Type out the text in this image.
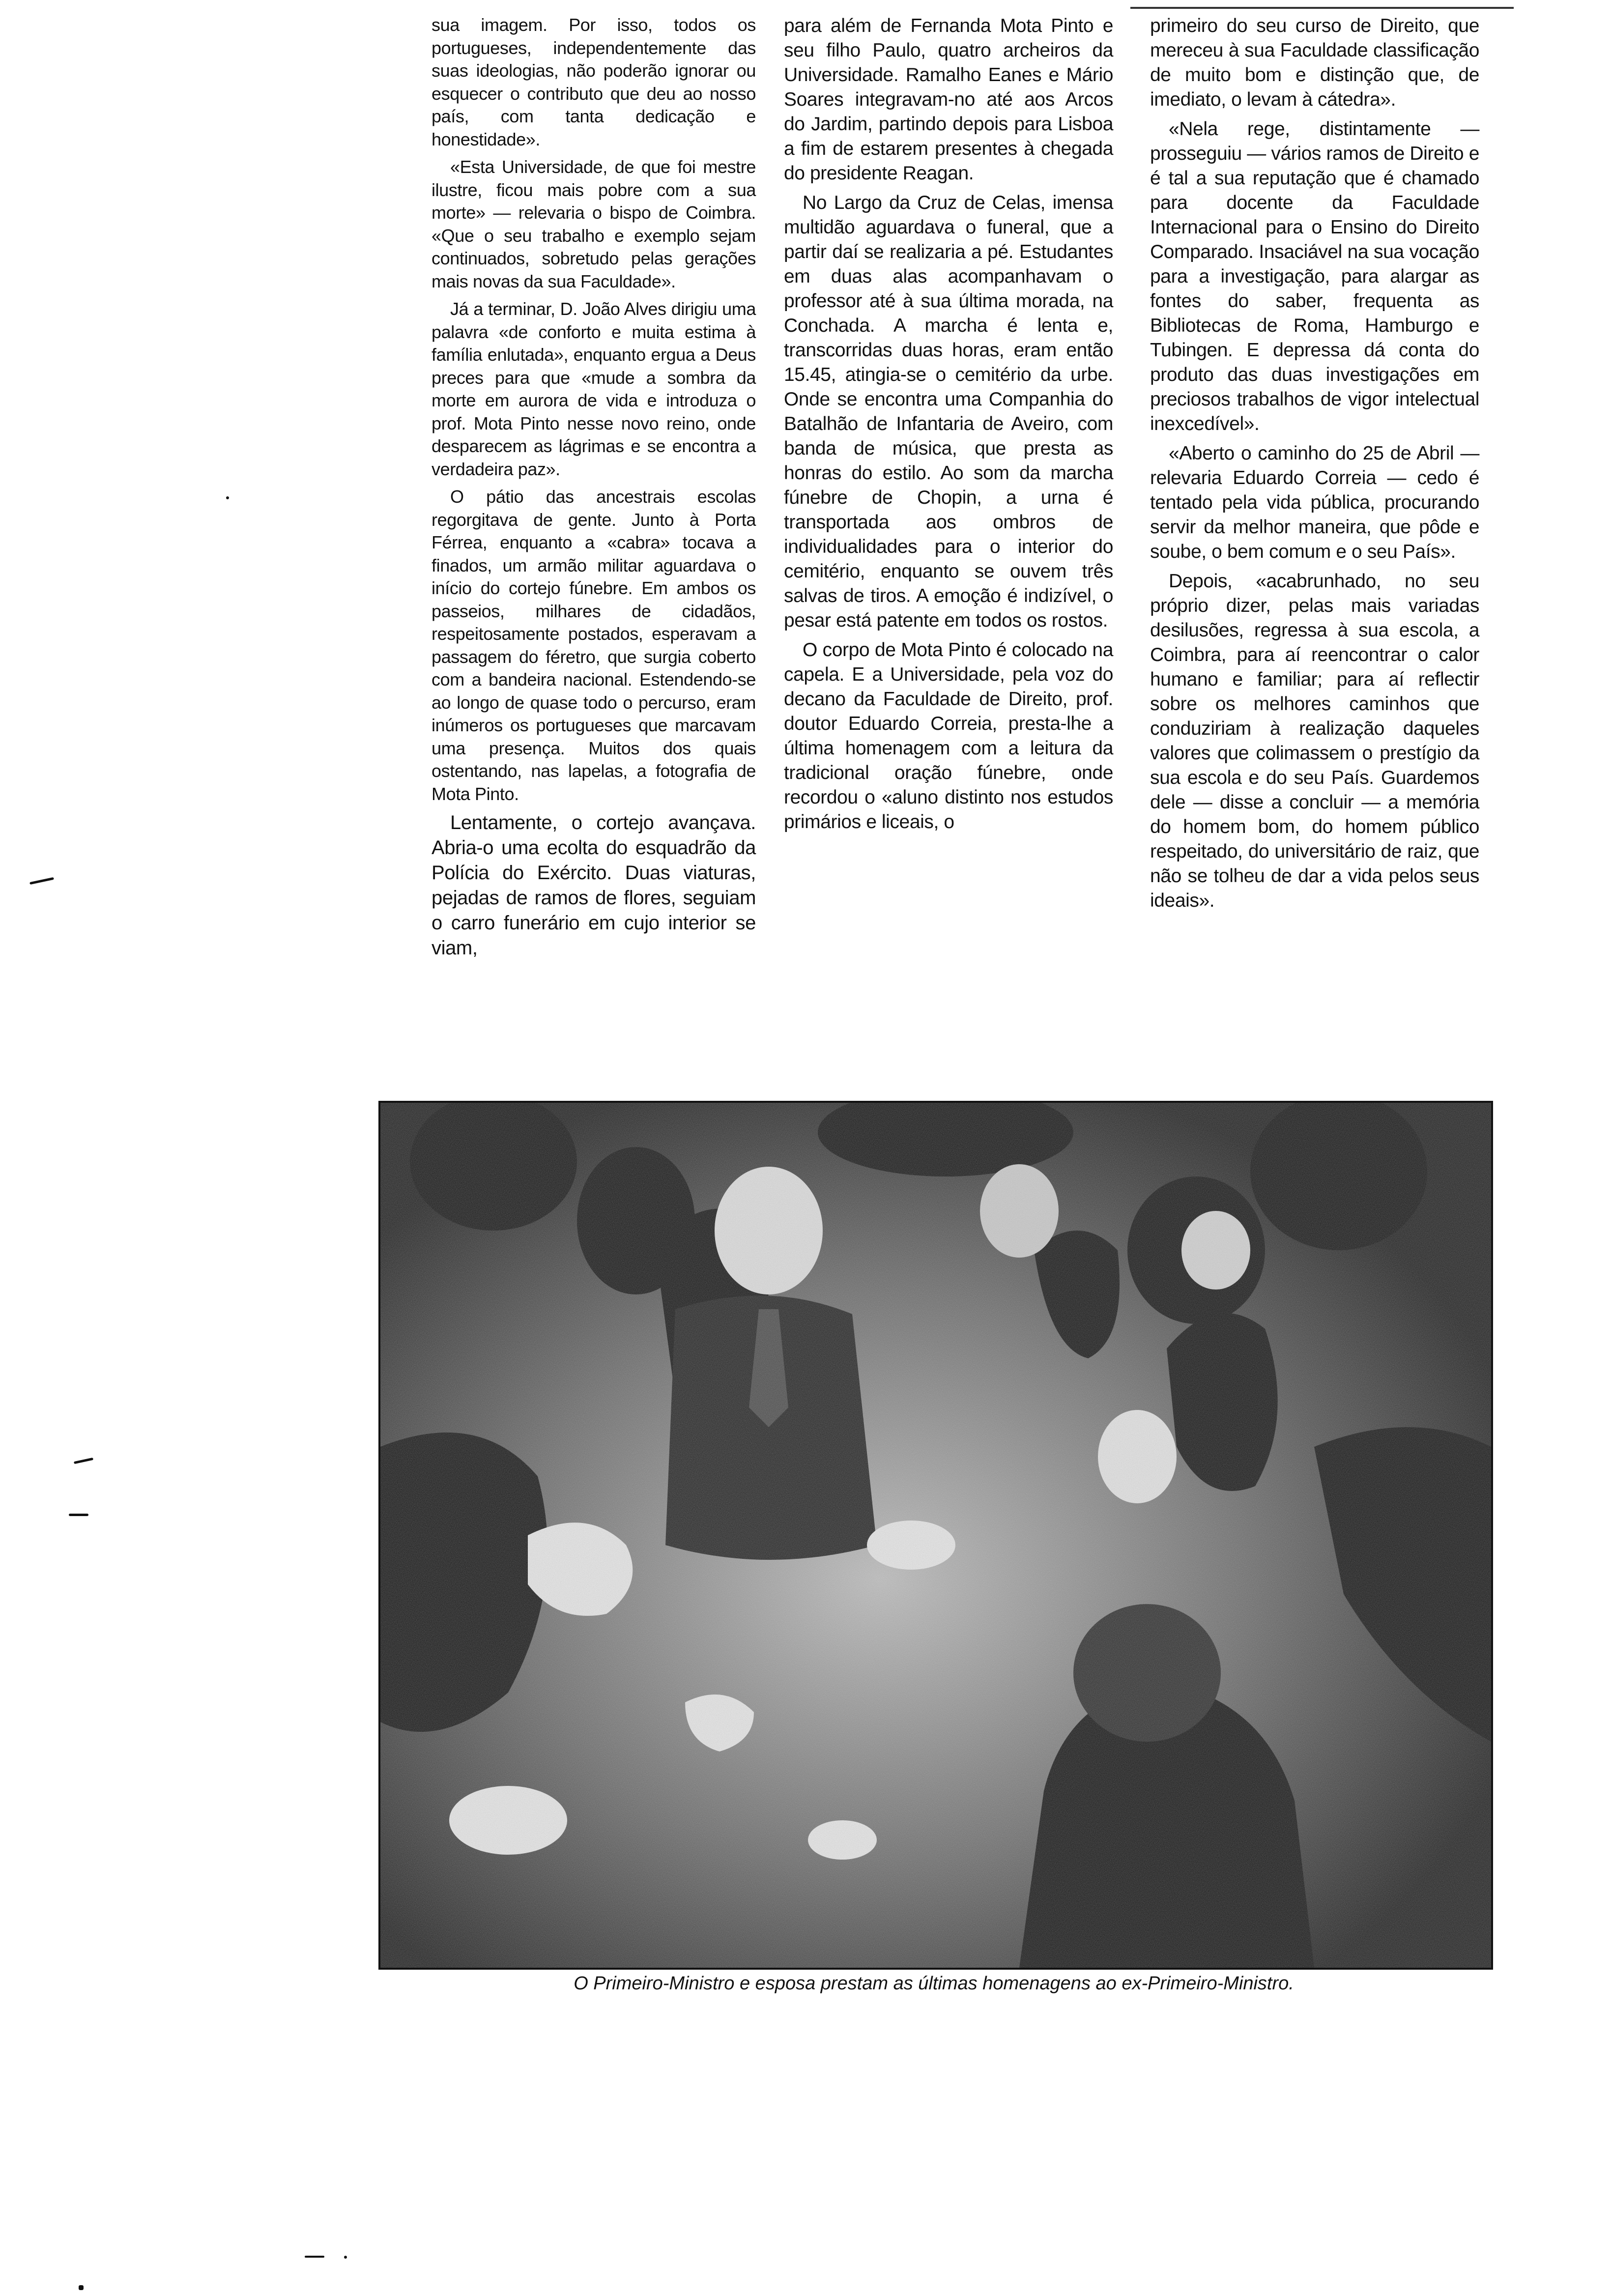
sua imagem. Por isso, todos os portugueses, independentemente das suas ideologias, não poderão ignorar ou esquecer o contributo que deu ao nosso país, com tanta dedicação e honestidade».

«Esta Universidade, de que foi mestre ilustre, ficou mais pobre com a sua morte» — relevaria o bispo de Coimbra. «Que o seu trabalho e exemplo sejam continuados, sobretudo pelas gerações mais novas da sua Faculdade».

Já a terminar, D. João Alves dirigiu uma palavra «de conforto e muita estima à família enlutada», enquanto ergua a Deus preces para que «mude a sombra da morte em aurora de vida e introduza o prof. Mota Pinto nesse novo reino, onde desparecem as lágrimas e se encontra a verdadeira paz».

O pátio das ancestrais escolas regorgitava de gente. Junto à Porta Férrea, enquanto a «cabra» tocava a finados, um armão militar aguardava o início do cortejo fúnebre. Em ambos os passeios, milhares de cidadãos, respeitosamente postados, esperavam a passagem do féretro, que surgia coberto com a bandeira nacional. Estendendo-se ao longo de quase todo o percurso, eram inúmeros os portugueses que marcavam uma presença. Muitos dos quais ostentando, nas lapelas, a fotografia de Mota Pinto.

Lentamente, o cortejo avançava. Abria-o uma ecolta do esquadrão da Polícia do Exército. Duas viaturas, pejadas de ramos de flores, seguiam o carro funerário em cujo interior se viam,

para além de Fernanda Mota Pinto e seu filho Paulo, quatro archeiros da Universidade. Ramalho Eanes e Mário Soares integravam-no até aos Arcos do Jardim, partindo depois para Lisboa a fim de estarem presentes à chegada do presidente Reagan.

No Largo da Cruz de Celas, imensa multidão aguardava o funeral, que a partir daí se realizaria a pé. Estudantes em duas alas acompanhavam o professor até à sua última morada, na Conchada. A marcha é lenta e, transcorridas duas horas, eram então 15.45, atingia-se o cemitério da urbe. Onde se encontra uma Companhia do Batalhão de Infantaria de Aveiro, com banda de música, que presta as honras do estilo. Ao som da marcha fúnebre de Chopin, a urna é transportada aos ombros de individualidades para o interior do cemitério, enquanto se ouvem três salvas de tiros. A emoção é indizível, o pesar está patente em todos os rostos.

O corpo de Mota Pinto é colocado na capela. E a Universidade, pela voz do decano da Faculdade de Direito, prof. doutor Eduardo Correia, presta-lhe a última homenagem com a leitura da tradicional oração fúnebre, onde recordou o «aluno distinto nos estudos primários e liceais, o

primeiro do seu curso de Direito, que mereceu à sua Faculdade classificação de muito bom e distinção que, de imediato, o levam à cátedra».

«Nela rege, distintamente — prosseguiu — vários ramos de Direito e é tal a sua reputação que é chamado para docente da Faculdade Internacional para o Ensino do Direito Comparado. Insaciável na sua vocação para a investigação, para alargar as fontes do saber, frequenta as Bibliotecas de Roma, Hamburgo e Tubingen. E depressa dá conta do produto das duas investigações em preciosos trabalhos de vigor intelectual inexcedível».

«Aberto o caminho do 25 de Abril — relevaria Eduardo Correia — cedo é tentado pela vida pública, procurando servir da melhor maneira, que pôde e soube, o bem comum e o seu País».

Depois, «acabrunhado, no seu próprio dizer, pelas mais variadas desilusões, regressa à sua escola, a Coimbra, para aí reencontrar o calor humano e familiar; para aí reflectir sobre os melhores caminhos que conduziriam à realização daqueles valores que colimassem o prestígio da sua escola e do seu País. Guardemos dele — disse a concluir — a memória do homem bom, do homem público respeitado, do universitário de raiz, que não se tolheu de dar a vida pelos seus ideais».

O Primeiro-Ministro e esposa prestam as últimas homenagens ao ex-Primeiro-Ministro.
